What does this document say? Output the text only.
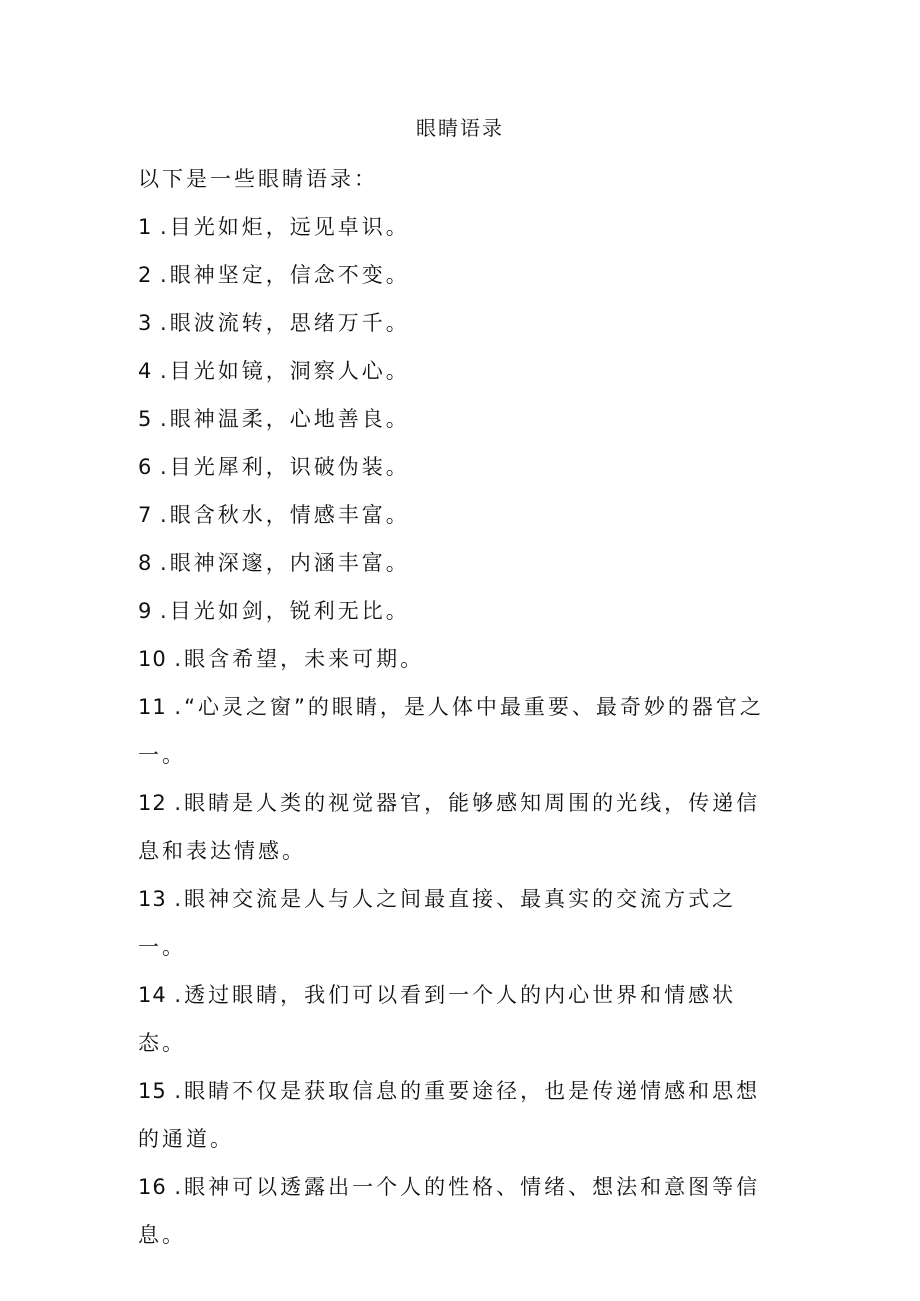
眼睛语录

以下是一些眼睛语录：

1 .目光如炬，远见卓识。
2 .眼神坚定，信念不变。
3 .眼波流转，思绪万千。
4 .目光如镜，洞察人心。
5 .眼神温柔，心地善良。
6 .目光犀利，识破伪装。
7 .眼含秋水，情感丰富。
8 .眼神深邃，内涵丰富。
9 .目光如剑，锐利无比。
10 .眼含希望，未来可期。
11 .“心灵之窗”的眼睛，是人体中最重要、最奇妙的器官之一。
12 .眼睛是人类的视觉器官，能够感知周围的光线，传递信息和表达情感。
13 .眼神交流是人与人之间最直接、最真实的交流方式之一。
14 .透过眼睛，我们可以看到一个人的内心世界和情感状态。
15 .眼睛不仅是获取信息的重要途径，也是传递情感和思想的通道。
16 .眼神可以透露出一个人的性格、情绪、想法和意图等信息。
